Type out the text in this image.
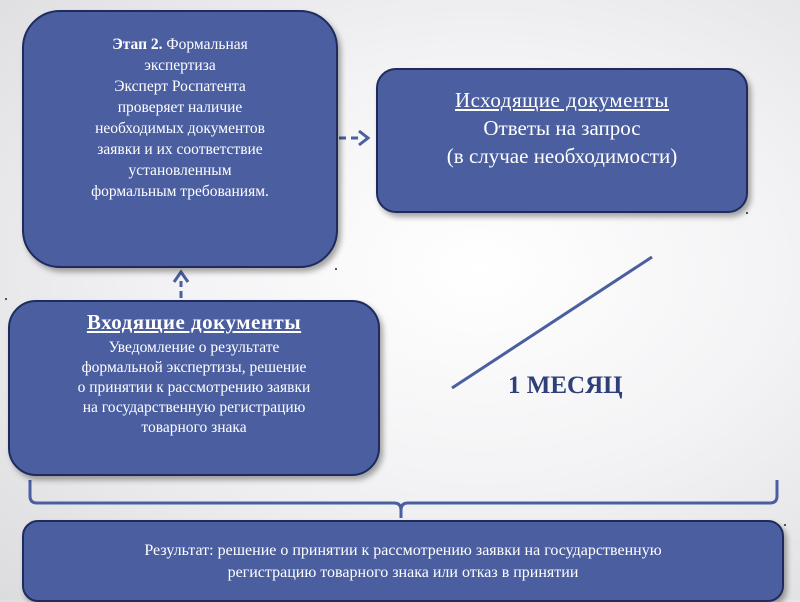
Этап 2. Формальная
экспертиза
Эксперт Роспатента
проверяет наличие
необходимых документов
заявки и их соответствие
установленным
формальным требованиям.
Исходящие документы
Ответы на запрос
(в случае необходимости)
Входящие документы
Уведомление о результате
формальной экспертизы, решение
о принятии к рассмотрению заявки
на государственную регистрацию
товарного знака
1 МЕСЯЦ
Результат: решение о принятии к рассмотрению заявки на государственную
регистрацию товарного знака или отказ в принятии
